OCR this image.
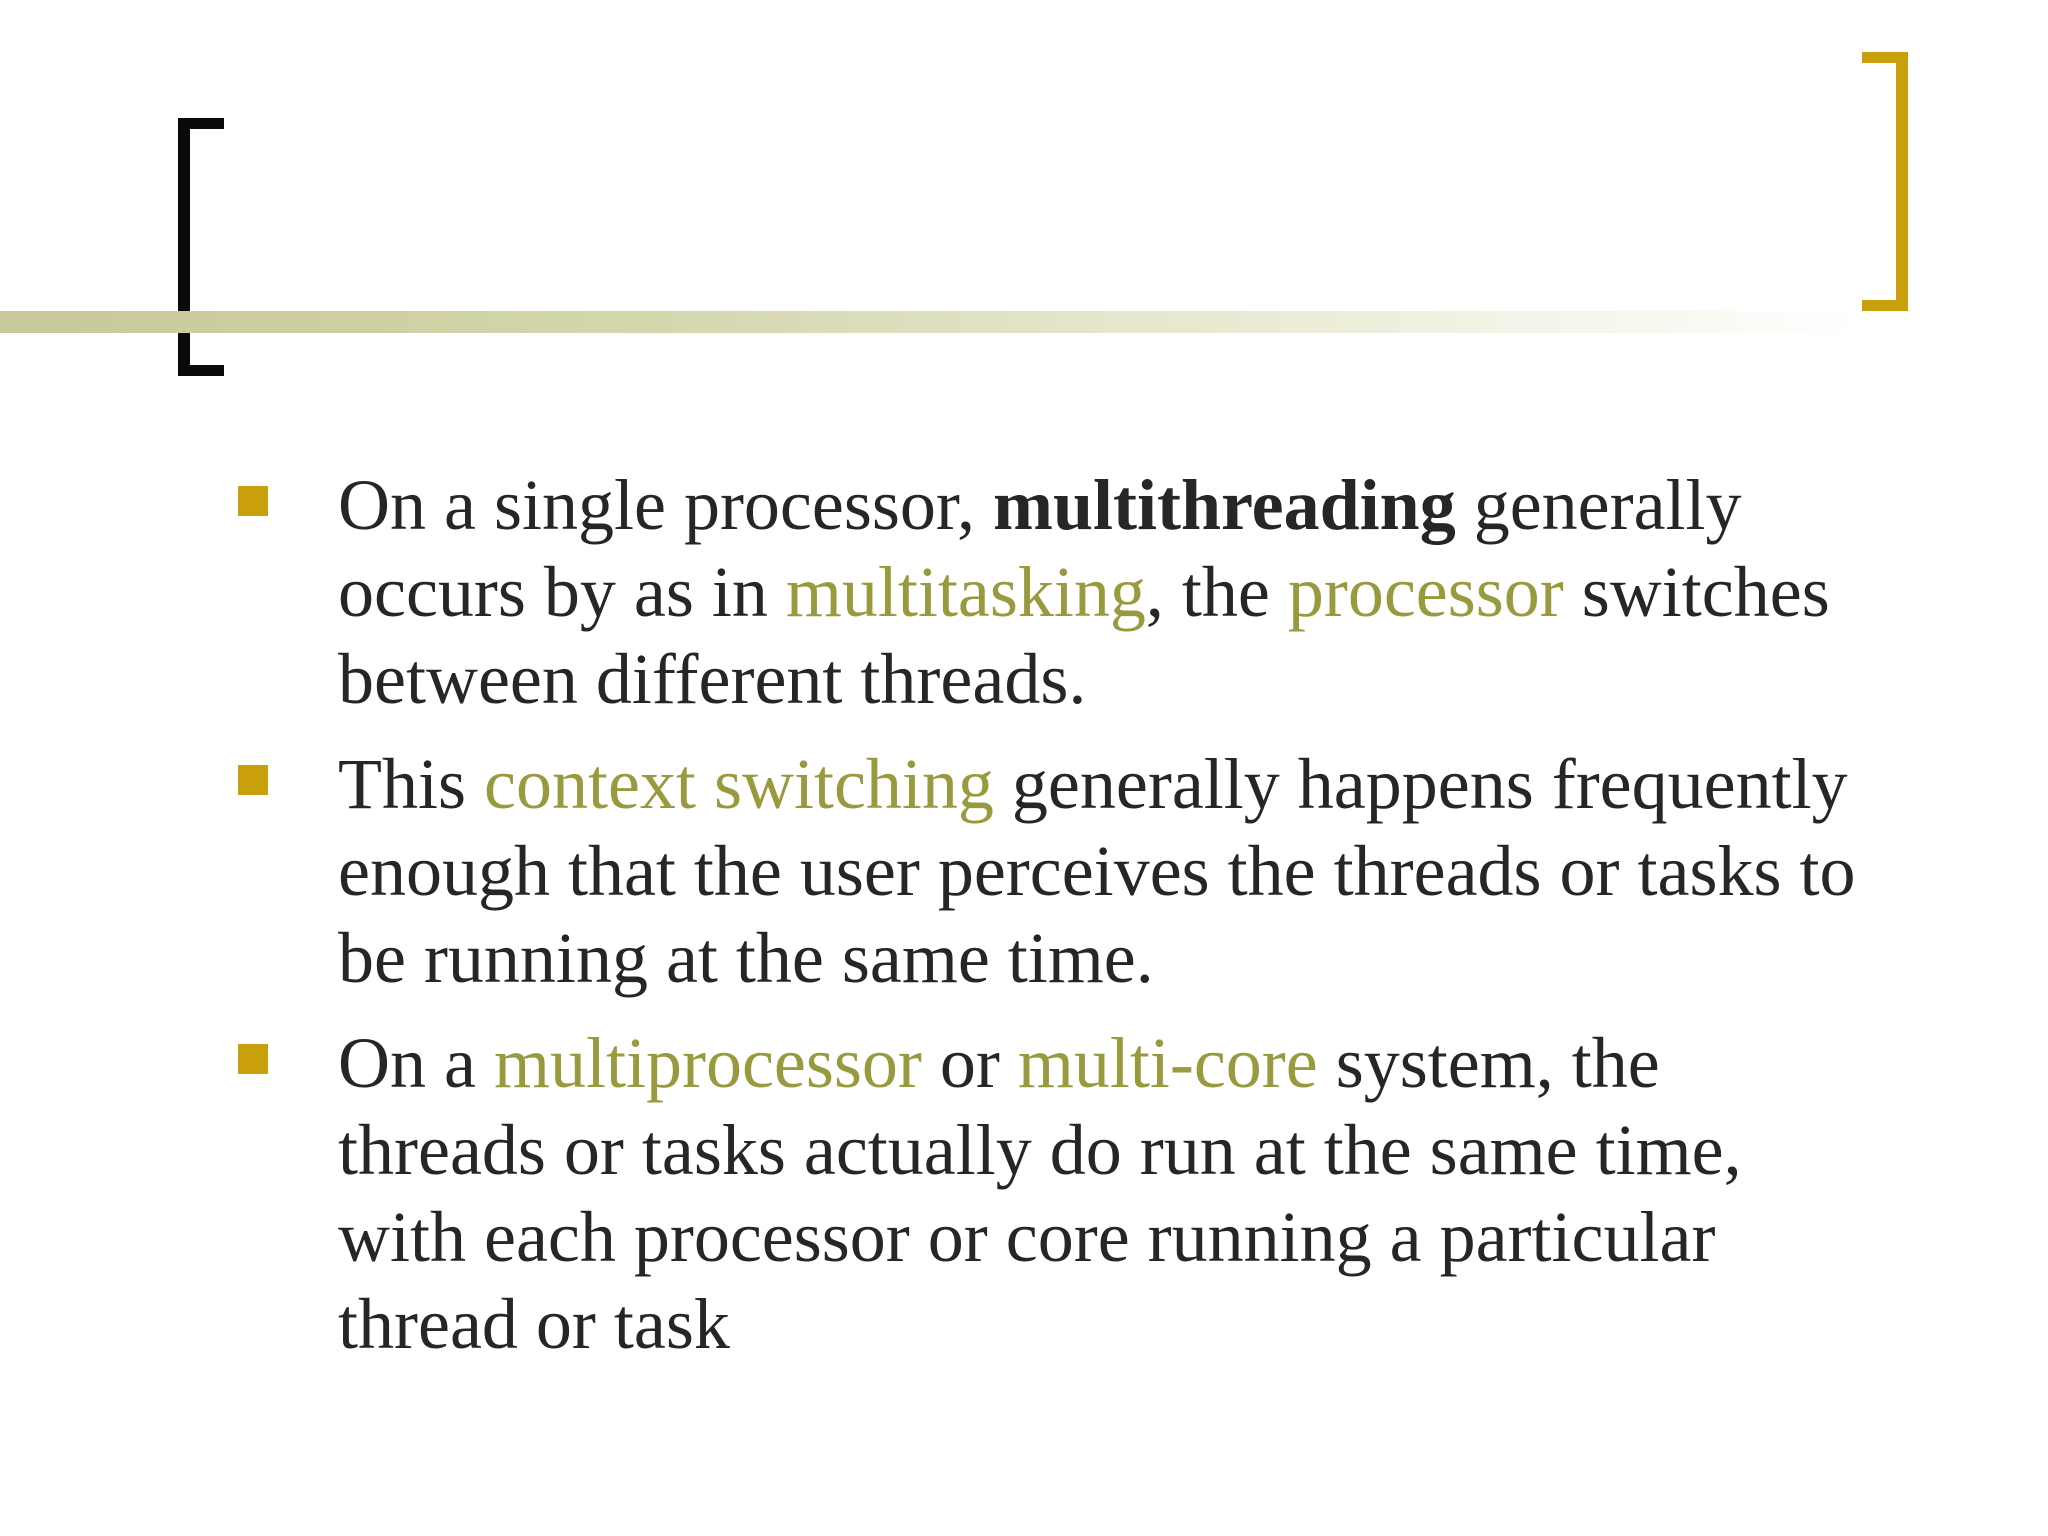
On a single processor, multithreading generally occurs by as in multitasking, the processor switches between different threads.
This context switching generally happens frequently enough that the user perceives the threads or tasks to be running at the same time.
On a multiprocessor or multi-core system, the threads or tasks actually do run at the same time, with each processor or core running a particular thread or task
